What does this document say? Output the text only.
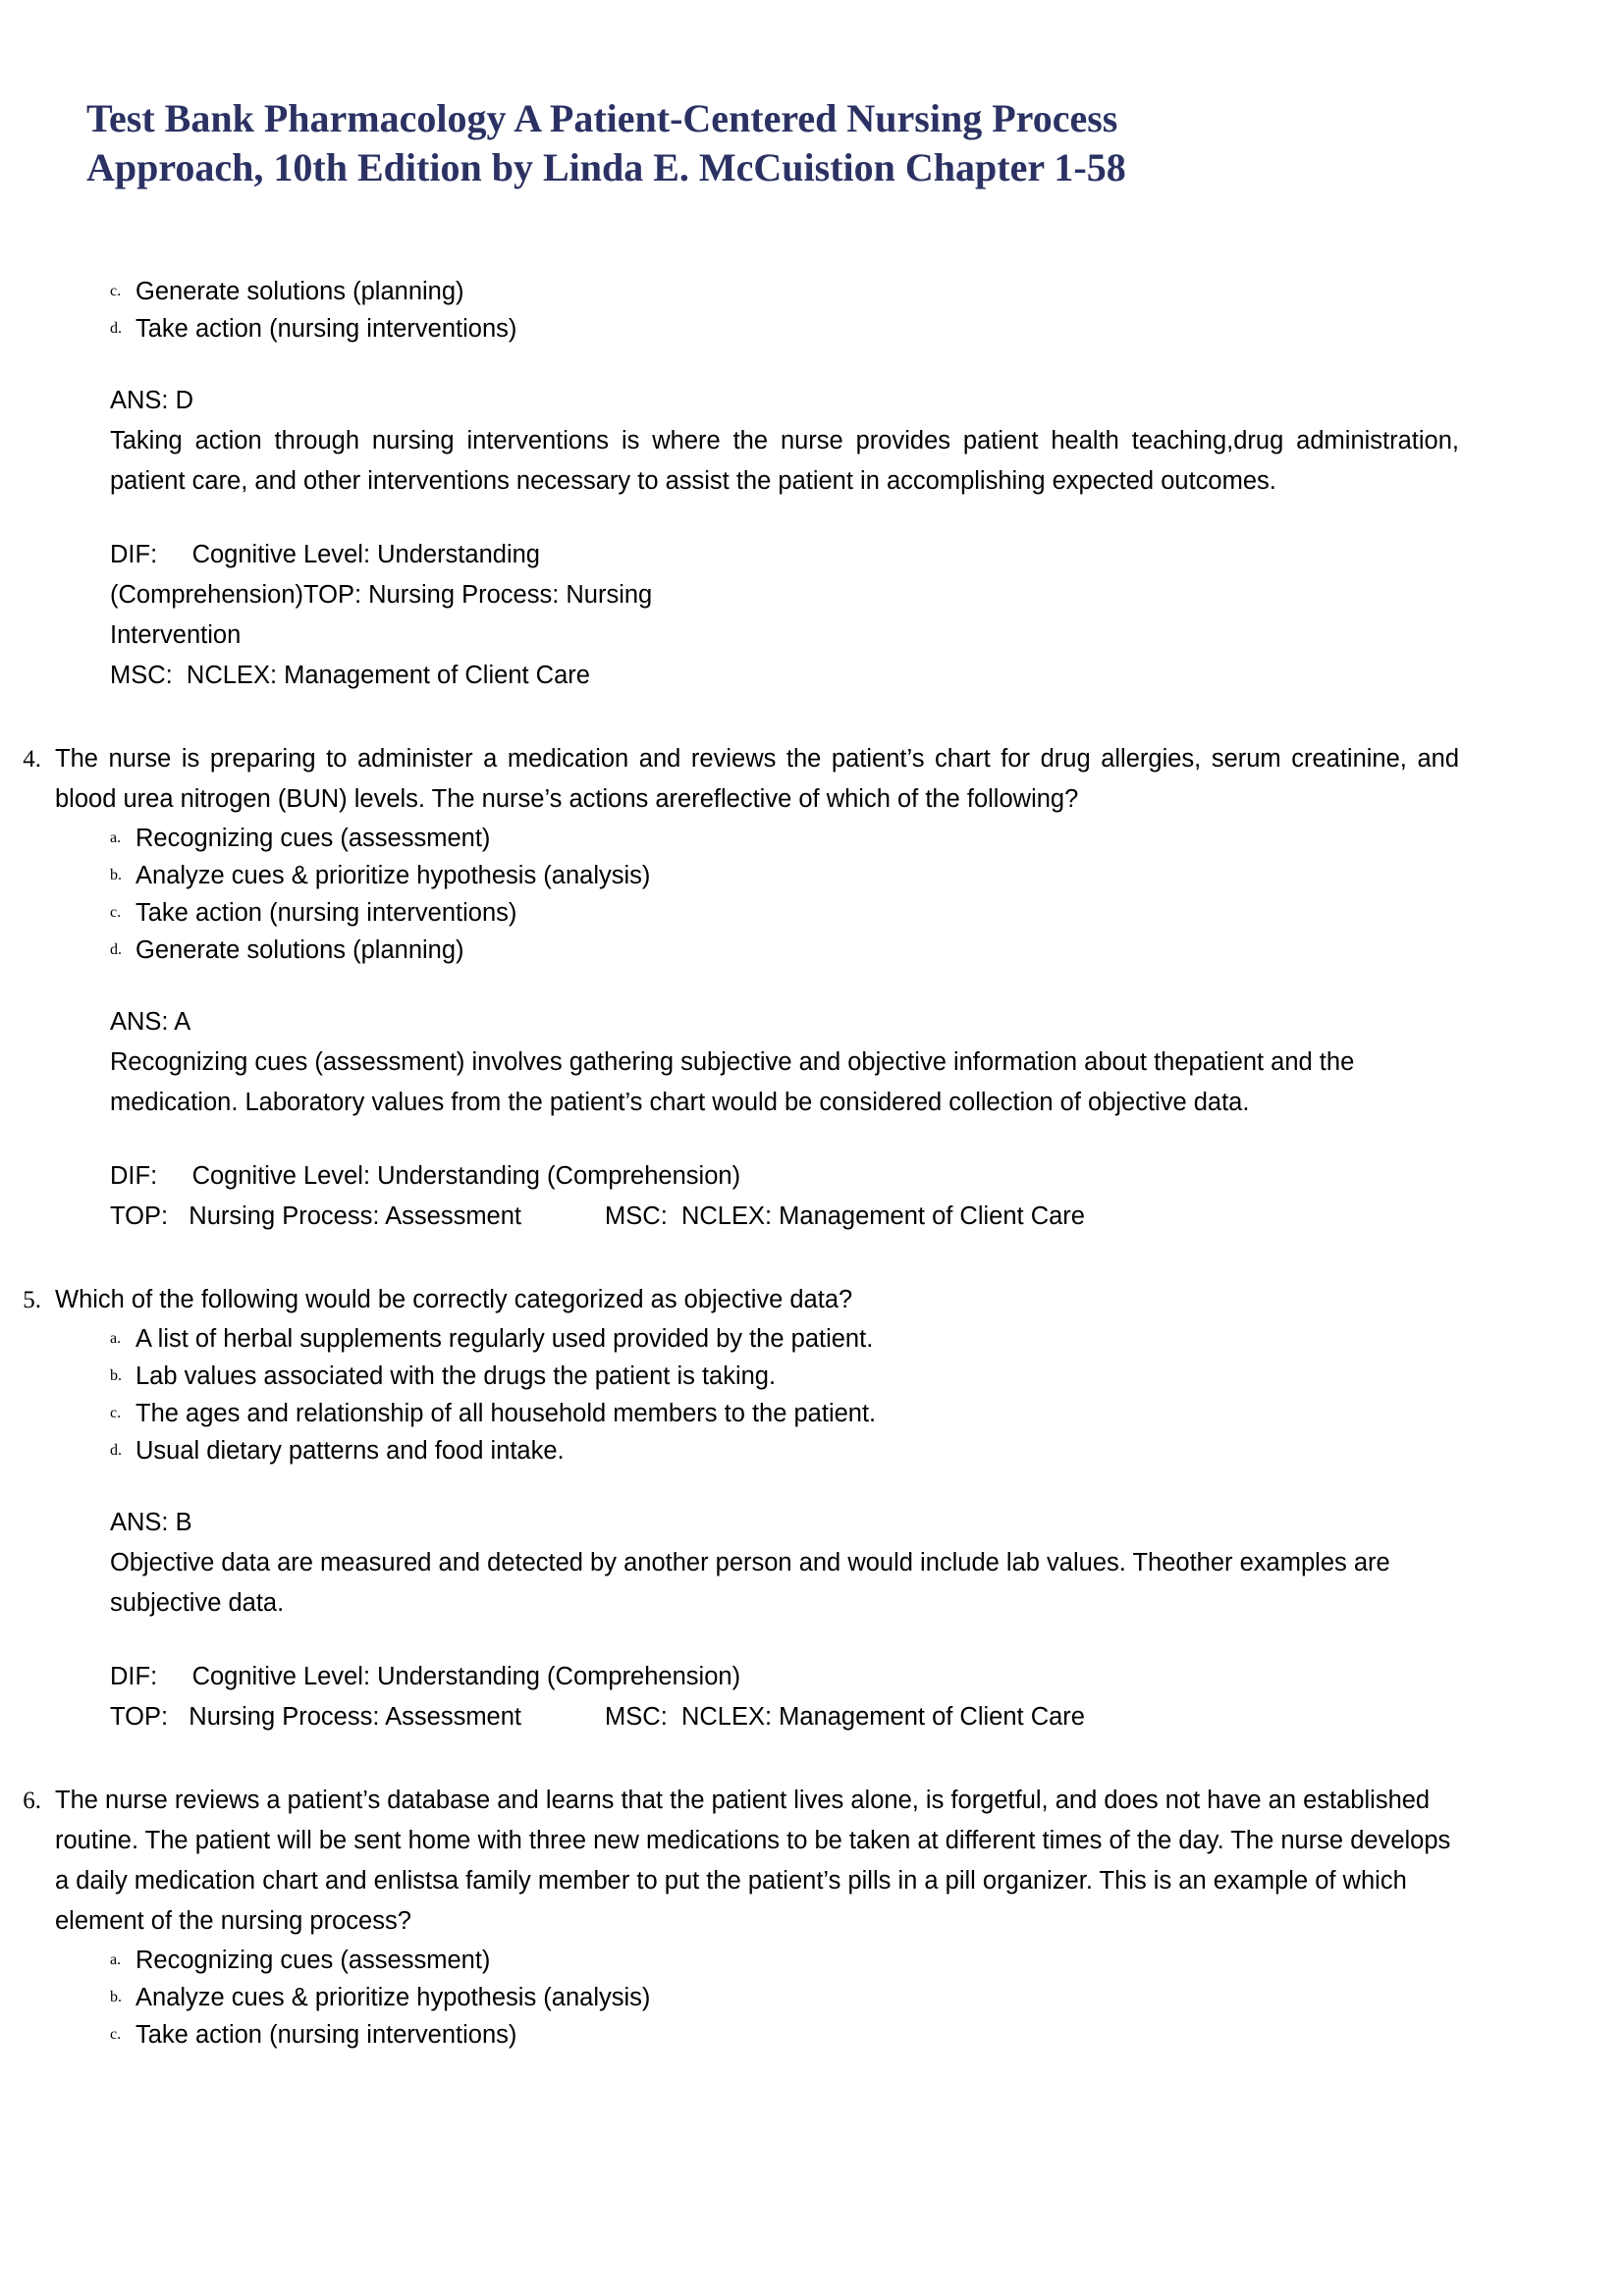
Test Bank Pharmacology A Patient-Centered Nursing Process
Approach, 10th Edition by Linda E. McCuistion Chapter 1-58
c. Generate solutions (planning)
d. Take action (nursing interventions)
ANS: D
Taking action through nursing interventions is where the nurse provides patient health teaching,drug administration, patient care, and other interventions necessary to assist the patient in accomplishing expected outcomes.
DIF:     Cognitive Level: Understanding
(Comprehension)TOP: Nursing Process: Nursing
Intervention
MSC:  NCLEX: Management of Client Care
4. The nurse is preparing to administer a medication and reviews the patient’s chart for drug allergies, serum creatinine, and blood urea nitrogen (BUN) levels. The nurse’s actions arereflective of which of the following?
a. Recognizing cues (assessment)
b. Analyze cues & prioritize hypothesis (analysis)
c. Take action (nursing interventions)
d. Generate solutions (planning)
ANS: A
Recognizing cues (assessment) involves gathering subjective and objective information about thepatient and the medication. Laboratory values from the patient’s chart would be considered collection of objective data.
DIF:     Cognitive Level: Understanding (Comprehension)
TOP:   Nursing Process: Assessment            MSC:  NCLEX: Management of Client Care
5. Which of the following would be correctly categorized as objective data?
a. A list of herbal supplements regularly used provided by the patient.
b. Lab values associated with the drugs the patient is taking.
c. The ages and relationship of all household members to the patient.
d. Usual dietary patterns and food intake.
ANS: B
Objective data are measured and detected by another person and would include lab values. Theother examples are subjective data.
DIF:     Cognitive Level: Understanding (Comprehension)
TOP:   Nursing Process: Assessment            MSC:  NCLEX: Management of Client Care
6. The nurse reviews a patient’s database and learns that the patient lives alone, is forgetful, and does not have an established routine. The patient will be sent home with three new medications to be taken at different times of the day. The nurse develops a daily medication chart and enlistsa family member to put the patient’s pills in a pill organizer. This is an example of which element of the nursing process?
a. Recognizing cues (assessment)
b. Analyze cues & prioritize hypothesis (analysis)
c. Take action (nursing interventions)
